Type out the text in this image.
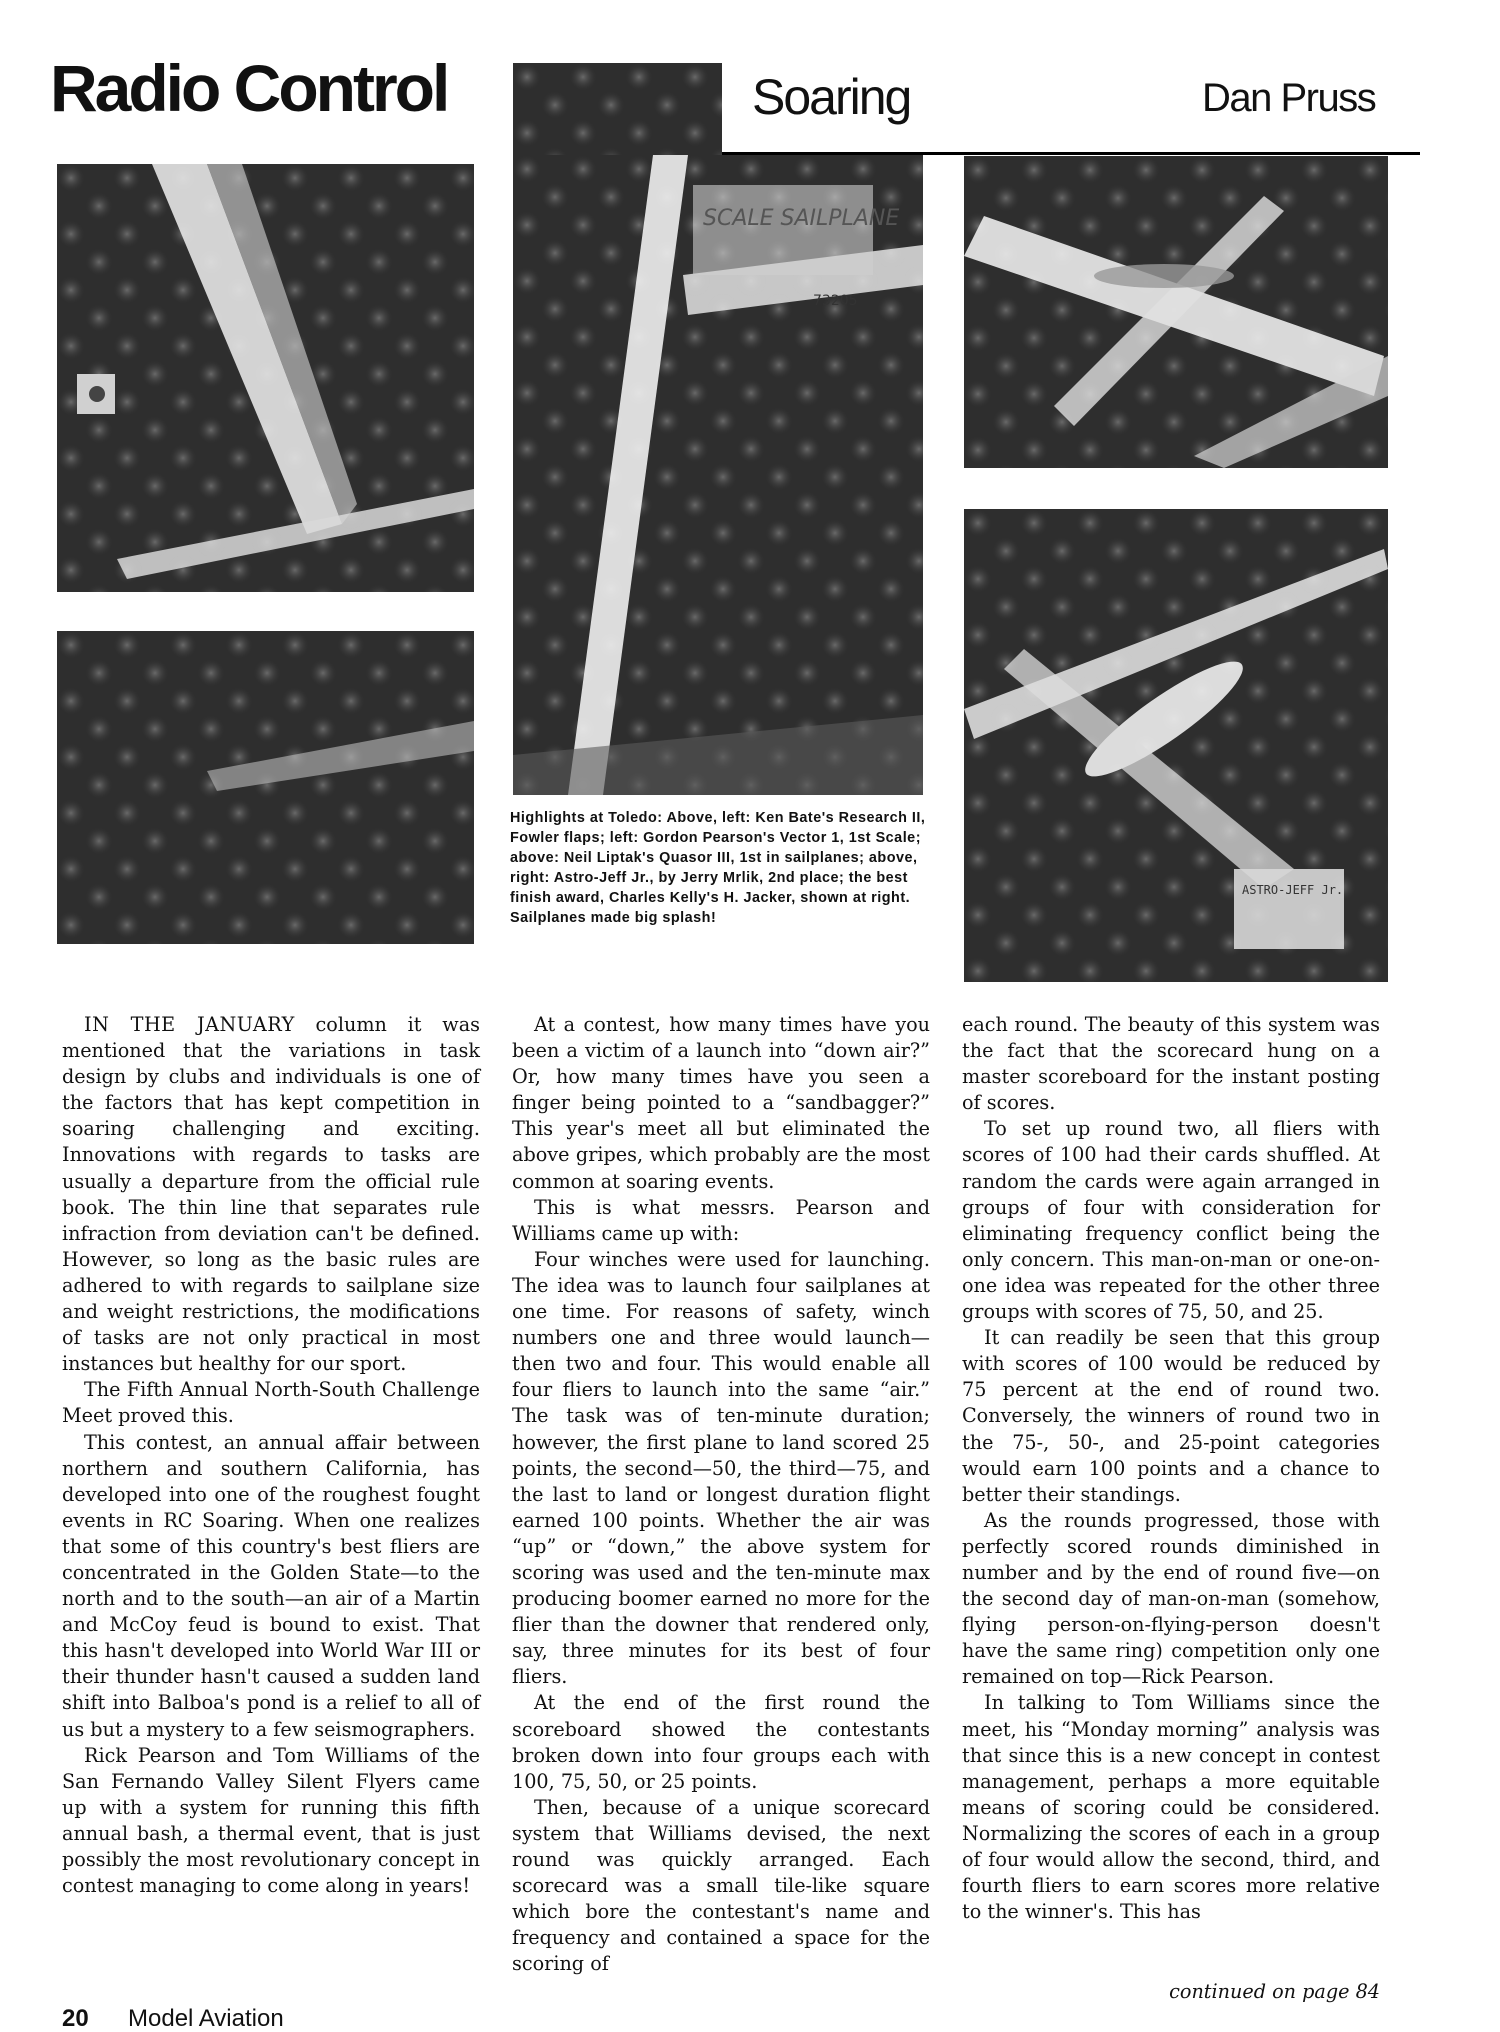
Radio Control	Soaring	Dan Pruss
SCALE SAILPLANE
73205
ASTRO-JEFF Jr.

Highlights at Toledo: Above, left: Ken Bate's Research II, Fowler flaps; left: Gordon Pearson's Vector 1, 1st Scale; above: Neil Liptak's Quasor III, 1st in sailplanes; above, right: Astro-Jeff Jr., by Jerry Mrlik, 2nd place; the best finish award, Charles Kelly's H. Jacker, shown at right. Sailplanes made big splash!

IN THE JANUARY column it was mentioned that the variations in task design by clubs and individuals is one of the factors that has kept competition in soaring challenging and exciting. Innovations with regards to tasks are usually a departure from the official rule book. The thin line that separates rule infraction from deviation can't be defined. However, so long as the basic rules are adhered to with regards to sailplane size and weight restrictions, the modifications of tasks are not only practical in most instances but healthy for our sport.

The Fifth Annual North-South Challenge Meet proved this.

This contest, an annual affair between northern and southern California, has developed into one of the roughest fought events in RC Soaring. When one realizes that some of this country's best fliers are concentrated in the Golden State—to the north and to the south—an air of a Martin and McCoy feud is bound to exist. That this hasn't developed into World War III or their thunder hasn't caused a sudden land shift into Balboa's pond is a relief to all of us but a mystery to a few seismographers.

Rick Pearson and Tom Williams of the San Fernando Valley Silent Flyers came up with a system for running this fifth annual bash, a thermal event, that is just possibly the most revolutionary concept in contest managing to come along in years!

At a contest, how many times have you been a victim of a launch into “down air?” Or, how many times have you seen a finger being pointed to a “sandbagger?” This year's meet all but eliminated the above gripes, which probably are the most common at soaring events.

This is what messrs. Pearson and Williams came up with:

Four winches were used for launching. The idea was to launch four sailplanes at one time. For reasons of safety, winch numbers one and three would launch—then two and four. This would enable all four fliers to launch into the same “air.” The task was of ten-minute duration; however, the first plane to land scored 25 points, the second—50, the third—75, and the last to land or longest duration flight earned 100 points. Whether the air was “up” or “down,” the above system for scoring was used and the ten-minute max producing boomer earned no more for the flier than the downer that rendered only, say, three minutes for its best of four fliers.

At the end of the first round the scoreboard showed the contestants broken down into four groups each with 100, 75, 50, or 25 points.

Then, because of a unique scorecard system that Williams devised, the next round was quickly arranged. Each scorecard was a small tile-like square which bore the contestant's name and frequency and contained a space for the scoring of

each round. The beauty of this system was the fact that the scorecard hung on a master scoreboard for the instant posting of scores.

To set up round two, all fliers with scores of 100 had their cards shuffled. At random the cards were again arranged in groups of four with consideration for eliminating frequency conflict being the only concern. This man-on-man or one-on-one idea was repeated for the other three groups with scores of 75, 50, and 25.

It can readily be seen that this group with scores of 100 would be reduced by 75 percent at the end of round two. Conversely, the winners of round two in the 75-, 50-, and 25-point categories would earn 100 points and a chance to better their standings.

As the rounds progressed, those with perfectly scored rounds diminished in number and by the end of round five—on the second day of man-on-man (somehow, flying person-on-flying-person doesn't have the same ring) competition only one remained on top—Rick Pearson.

In talking to Tom Williams since the meet, his “Monday morning” analysis was that since this is a new concept in contest management, perhaps a more equitable means of scoring could be considered. Normalizing the scores of each in a group of four would allow the second, third, and fourth fliers to earn scores more relative to the winner's. This has

continued on page 84
20 Model Aviation
